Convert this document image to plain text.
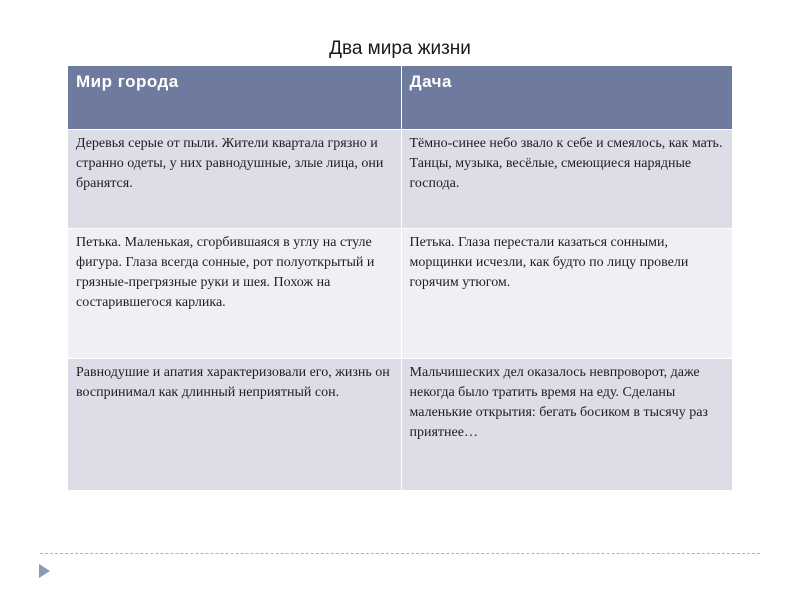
Два мира жизни
Мир города	Дача
Деревья серые от пыли. Жители квартала грязно и странно одеты, у них равнодушные, злые лица, они бранятся.	Тёмно-синее небо звало к себе и смеялось, как мать. Танцы, музыка, весёлые, смеющиеся нарядные господа.
Петька. Маленькая, сгорбившаяся в углу на стуле фигура. Глаза всегда сонные, рот полуоткрытый и грязные-прегрязные руки и шея. Похож на состарившегося карлика.	Петька. Глаза перестали казаться сонными, морщинки исчезли, как будто по лицу провели горячим утюгом.
Равнодушие и апатия характеризовали его, жизнь он воспринимал как длинный неприятный сон.	Мальчишеских дел оказалось невпроворот, даже некогда было тратить время на еду. Сделаны маленькие открытия: бегать босиком в тысячу раз приятнее…
